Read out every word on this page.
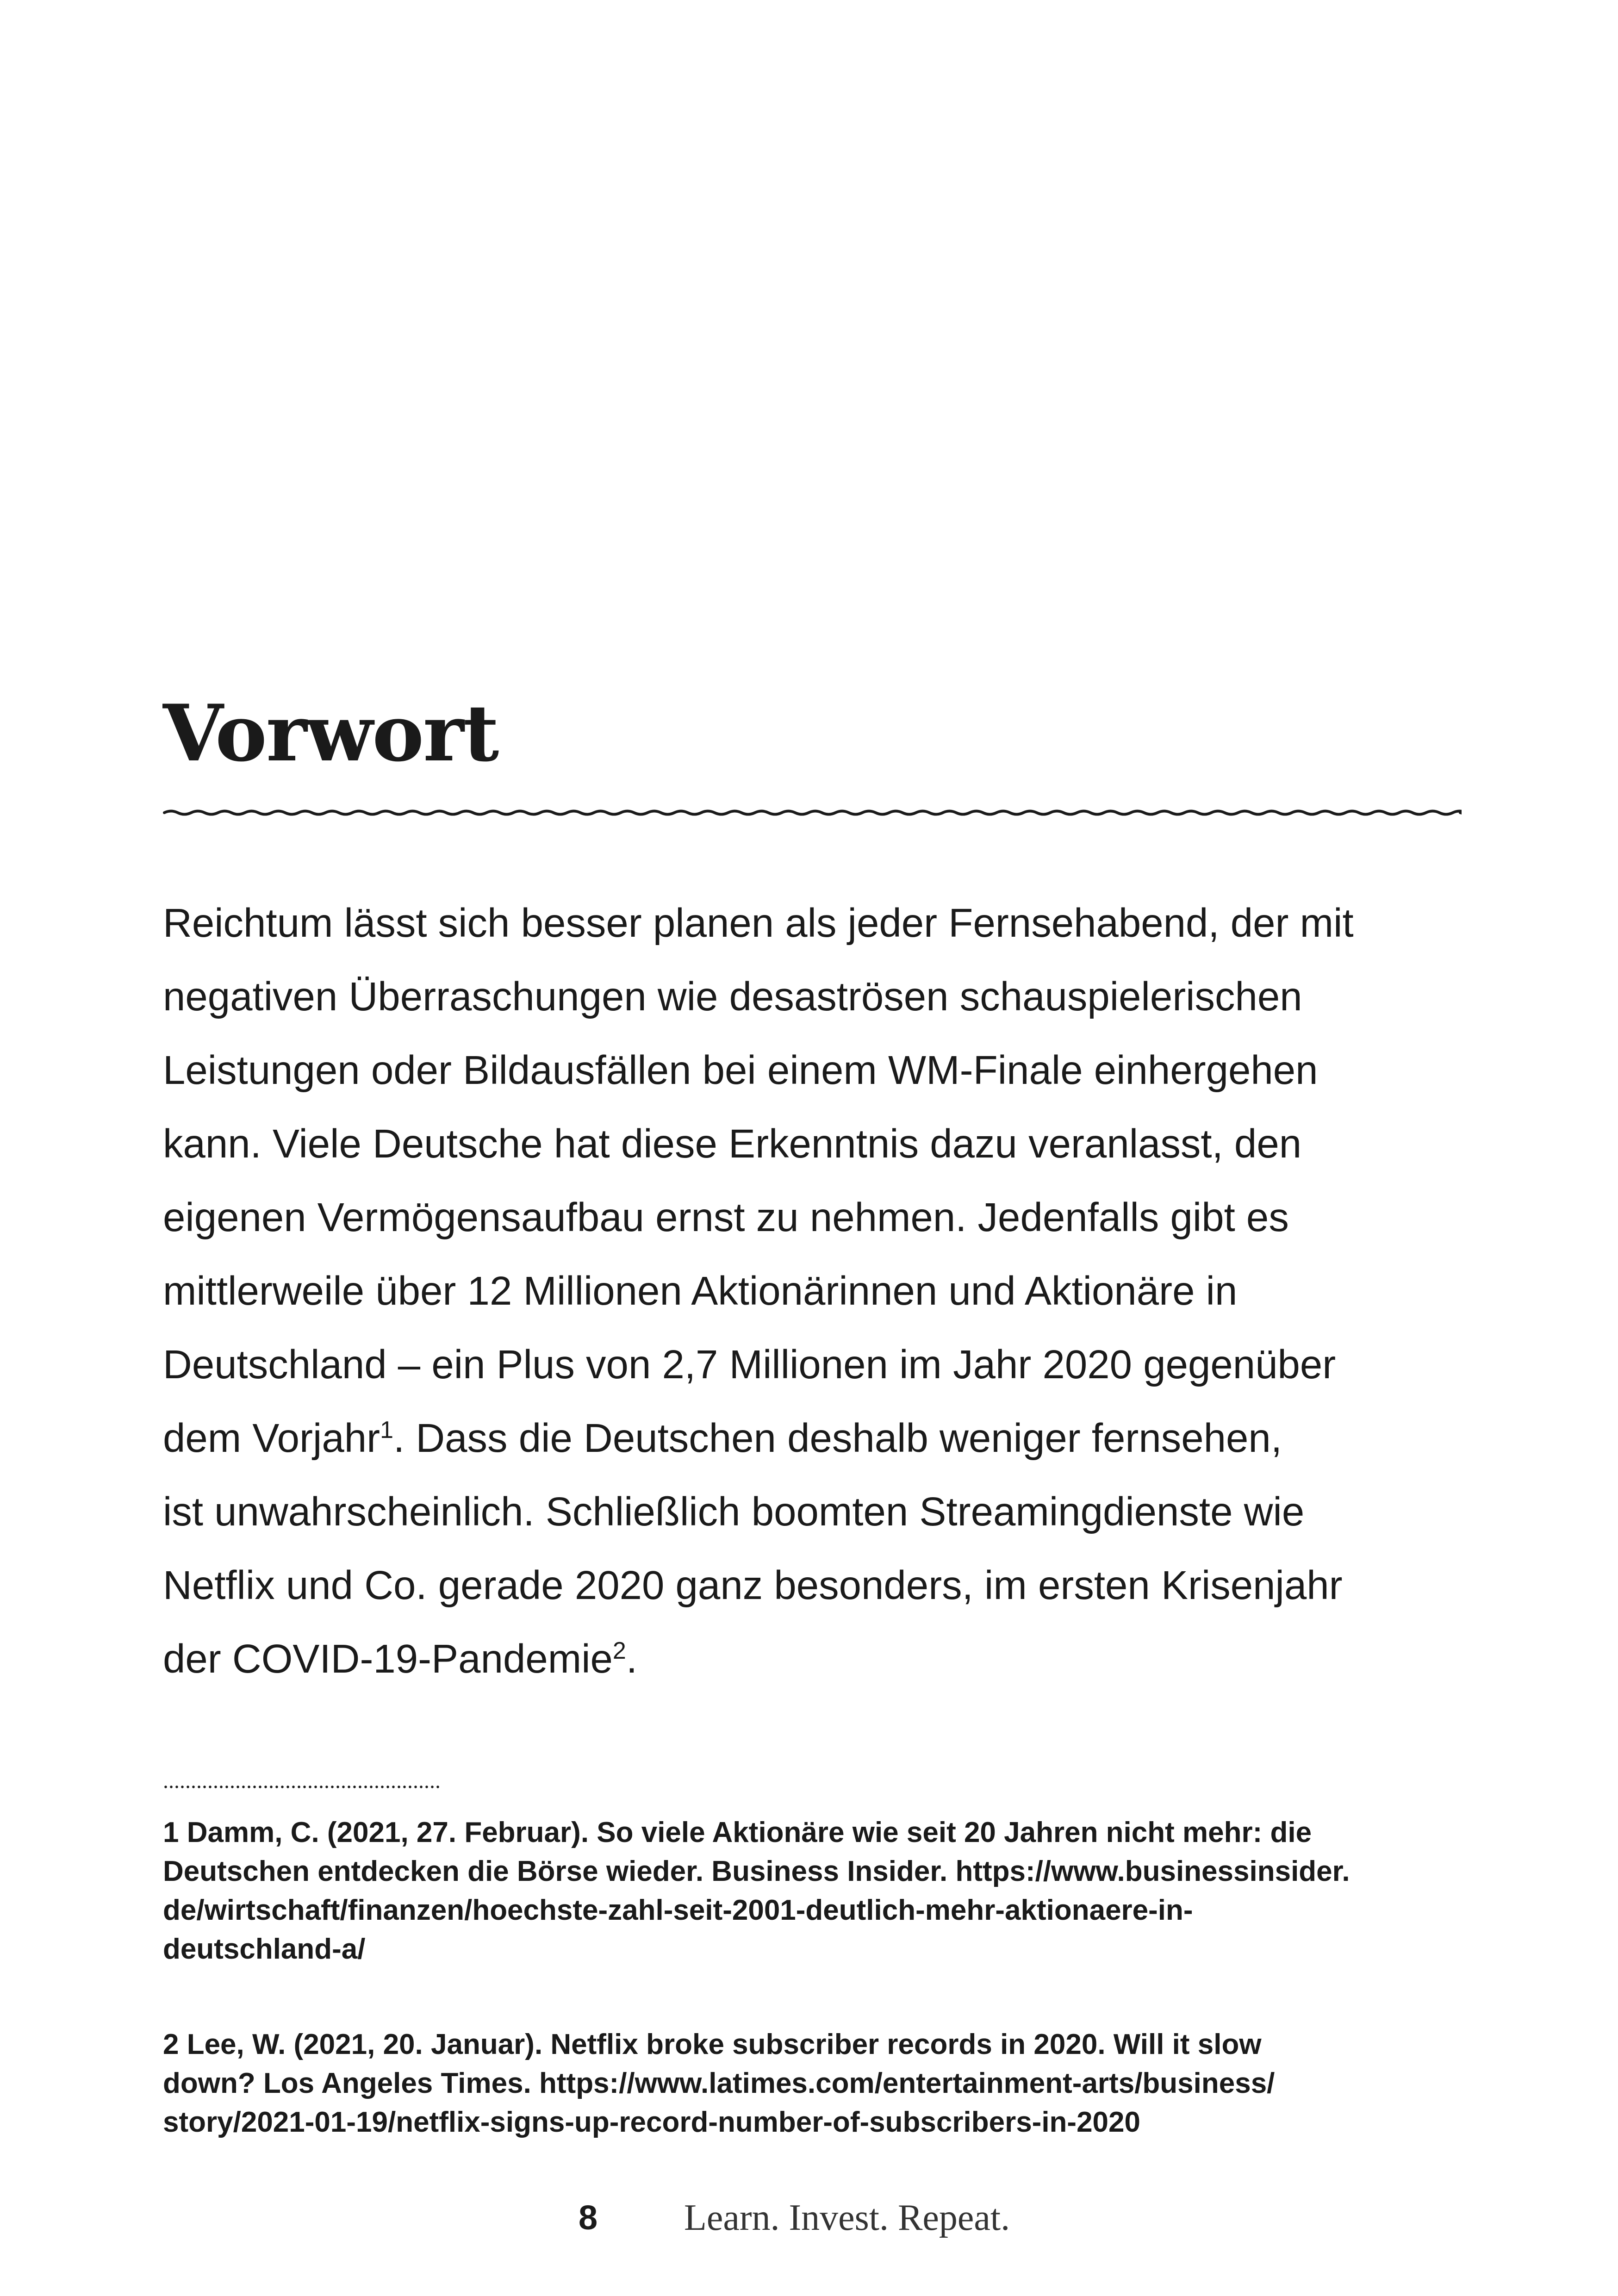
Vorwort
Reichtum lässt sich besser planen als jeder Fernsehabend, der mit
negativen Überraschungen wie desaströsen schauspielerischen
Leistungen oder Bildausfällen bei einem WM-Finale einhergehen
kann. Viele Deutsche hat diese Erkenntnis dazu veranlasst, den
eigenen Vermögensaufbau ernst zu nehmen. Jedenfalls gibt es
mittlerweile über 12 Millionen Aktionärinnen und Aktionäre in
Deutschland – ein Plus von 2,7 Millionen im Jahr 2020 gegenüber
dem Vorjahr$^1$. Dass die Deutschen deshalb weniger fernsehen,
ist unwahrscheinlich. Schließlich boomten Streamingdienste wie
Netflix und Co. gerade 2020 ganz besonders, im ersten Krisenjahr
der COVID-19-Pandemie$^2$.
1 Damm, C. (2021, 27. Februar). So viele Aktionäre wie seit 20 Jahren nicht mehr: die
Deutschen entdecken die Börse wieder. Business Insider. https://www.businessinsider.
de/wirtschaft/finanzen/hoechste-zahl-seit-2001-deutlich-mehr-aktionaere-in-
deutschland-a/
2 Lee, W. (2021, 20. Januar). Netflix broke subscriber records in 2020. Will it slow
down? Los Angeles Times. https://www.latimes.com/entertainment-arts/business/
story/2021-01-19/netflix-signs-up-record-number-of-subscribers-in-2020
8 Learn. Invest. Repeat.
